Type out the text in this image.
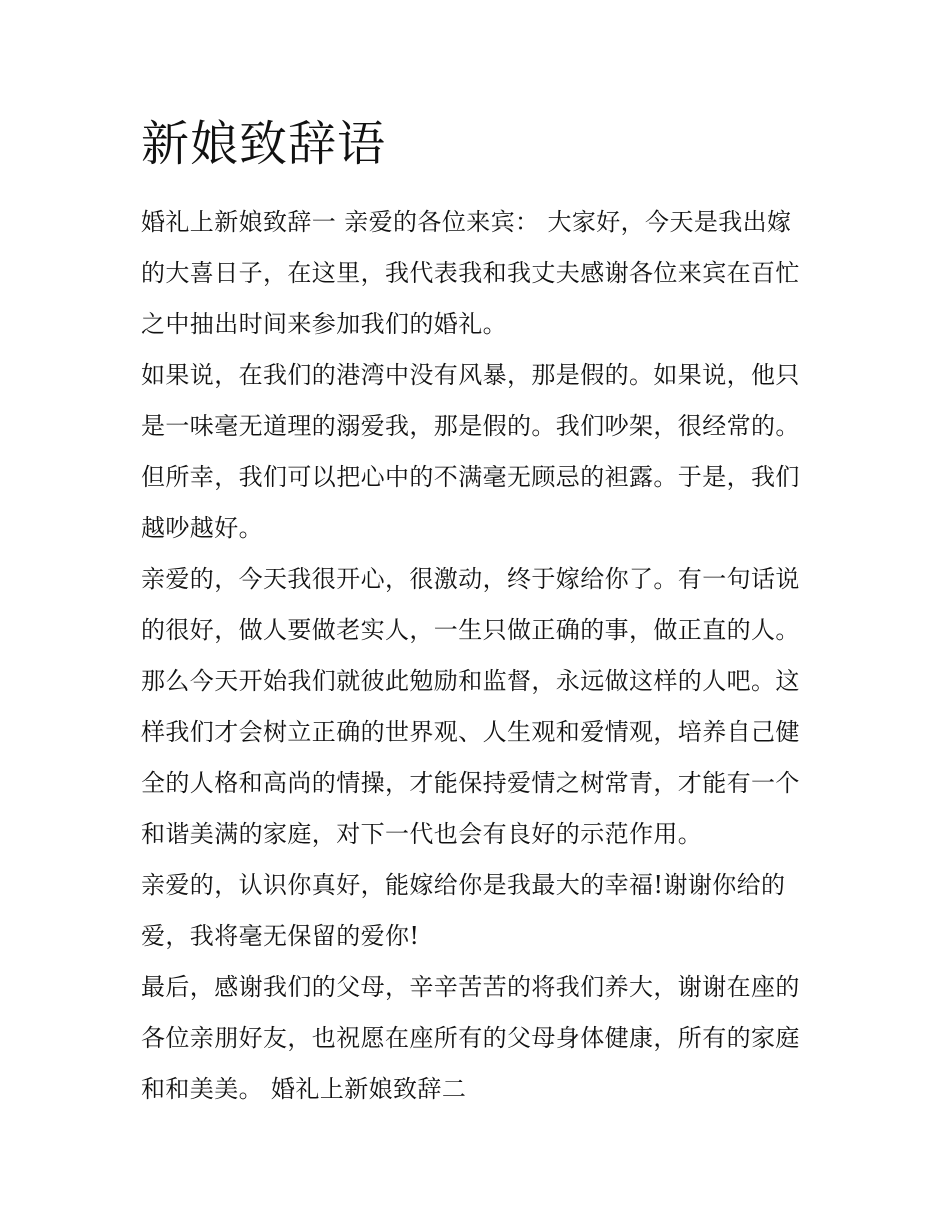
新娘致辞语

婚礼上新娘致辞一 亲爱的各位来宾： 大家好，今天是我出嫁

的大喜日子，在这里，我代表我和我丈夫感谢各位来宾在百忙

之中抽出时间来参加我们的婚礼。

如果说，在我们的港湾中没有风暴，那是假的。如果说，他只

是一味毫无道理的溺爱我，那是假的。我们吵架，很经常的。

但所幸，我们可以把心中的不满毫无顾忌的袒露。于是，我们

越吵越好。

亲爱的，今天我很开心，很激动，终于嫁给你了。有一句话说

的很好，做人要做老实人，一生只做正确的事，做正直的人。

那么今天开始我们就彼此勉励和监督，永远做这样的人吧。这

样我们才会树立正确的世界观、人生观和爱情观，培养自己健

全的人格和高尚的情操，才能保持爱情之树常青，才能有一个

和谐美满的家庭，对下一代也会有良好的示范作用。

亲爱的，认识你真好，能嫁给你是我最大的幸福!谢谢你给的

爱，我将毫无保留的爱你!

最后，感谢我们的父母，辛辛苦苦的将我们养大，谢谢在座的

各位亲朋好友，也祝愿在座所有的父母身体健康，所有的家庭

和和美美。 婚礼上新娘致辞二
